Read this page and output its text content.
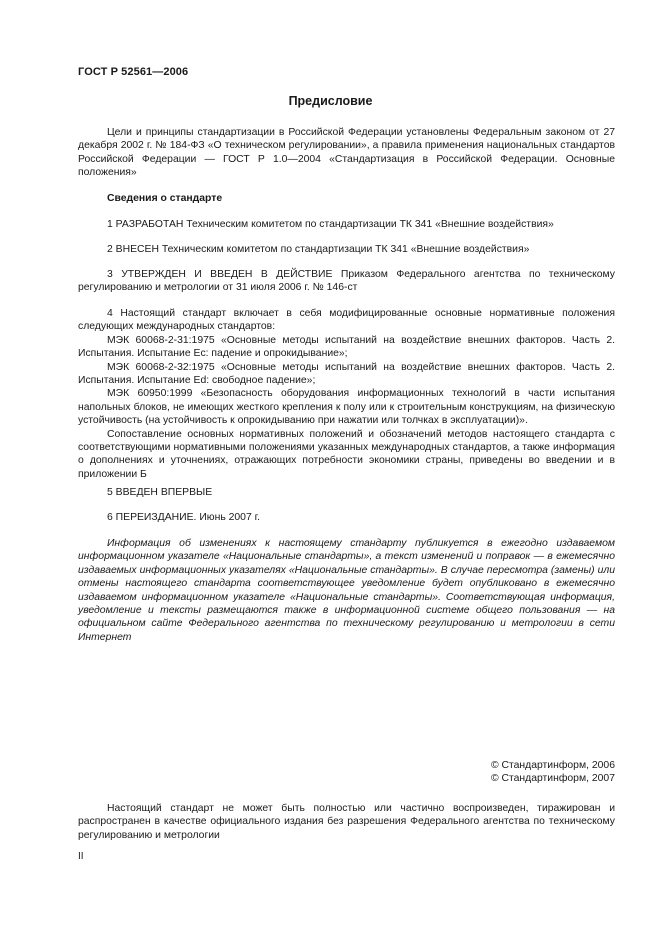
ГОСТ Р 52561—2006
Предисловие

Цели и принципы стандартизации в Российской Федерации установлены Федеральным законом от 27 декабря 2002 г. № 184-ФЗ «О техническом регулировании», а правила применения национальных стандартов Российской Федерации — ГОСТ Р 1.0—2004 «Стандартизация в Российской Федерации. Основные положения»

Сведения о стандарте

1 РАЗРАБОТАН Техническим комитетом по стандартизации ТК 341 «Внешние воздействия»

2 ВНЕСЕН Техническим комитетом по стандартизации ТК 341 «Внешние воздействия»

3 УТВЕРЖДЕН И ВВЕДЕН В ДЕЙСТВИЕ Приказом Федерального агентства по техническому регулированию и метрологии от 31 июля 2006 г. № 146-ст

4 Настоящий стандарт включает в себя модифицированные основные нормативные положения следующих международных стандартов:

МЭК 60068-2-31:1975 «Основные методы испытаний на воздействие внешних факторов. Часть 2. Испытания. Испытание Ec: падение и опрокидывание»;

МЭК 60068-2-32:1975 «Основные методы испытаний на воздействие внешних факторов. Часть 2. Испытания. Испытание Ed: свободное падение»;

МЭК 60950:1999 «Безопасность оборудования информационных технологий в части испытания напольных блоков, не имеющих жесткого крепления к полу или к строительным конструкциям, на физическую устойчивость (на устойчивость к опрокидыванию при нажатии или толчках в эксплуатации)».

Сопоставление основных нормативных положений и обозначений методов настоящего стандарта с соответствующими нормативными положениями указанных международных стандартов, а также информация о дополнениях и уточнениях, отражающих потребности экономики страны, приведены во введении и в приложении Б

5 ВВЕДЕН ВПЕРВЫЕ

6 ПЕРЕИЗДАНИЕ. Июнь 2007 г.

Информация об изменениях к настоящему стандарту публикуется в ежегодно издаваемом информационном указателе «Национальные стандарты», а текст изменений и поправок — в ежемесячно издаваемых информационных указателях «Национальные стандарты». В случае пересмотра (замены) или отмены настоящего стандарта соответствующее уведомление будет опубликовано в ежемесячно издаваемом информационном указателе «Национальные стандарты». Соответствующая информация, уведомление и тексты размещаются также в информационной системе общего пользования — на официальном сайте Федерального агентства по техническому регулированию и метрологии в сети Интернет

© Стандартинформ, 2006
© Стандартинформ, 2007

Настоящий стандарт не может быть полностью или частично воспроизведен, тиражирован и распространен в качестве официального издания без разрешения Федерального агентства по техническому регулированию и метрологии

II
